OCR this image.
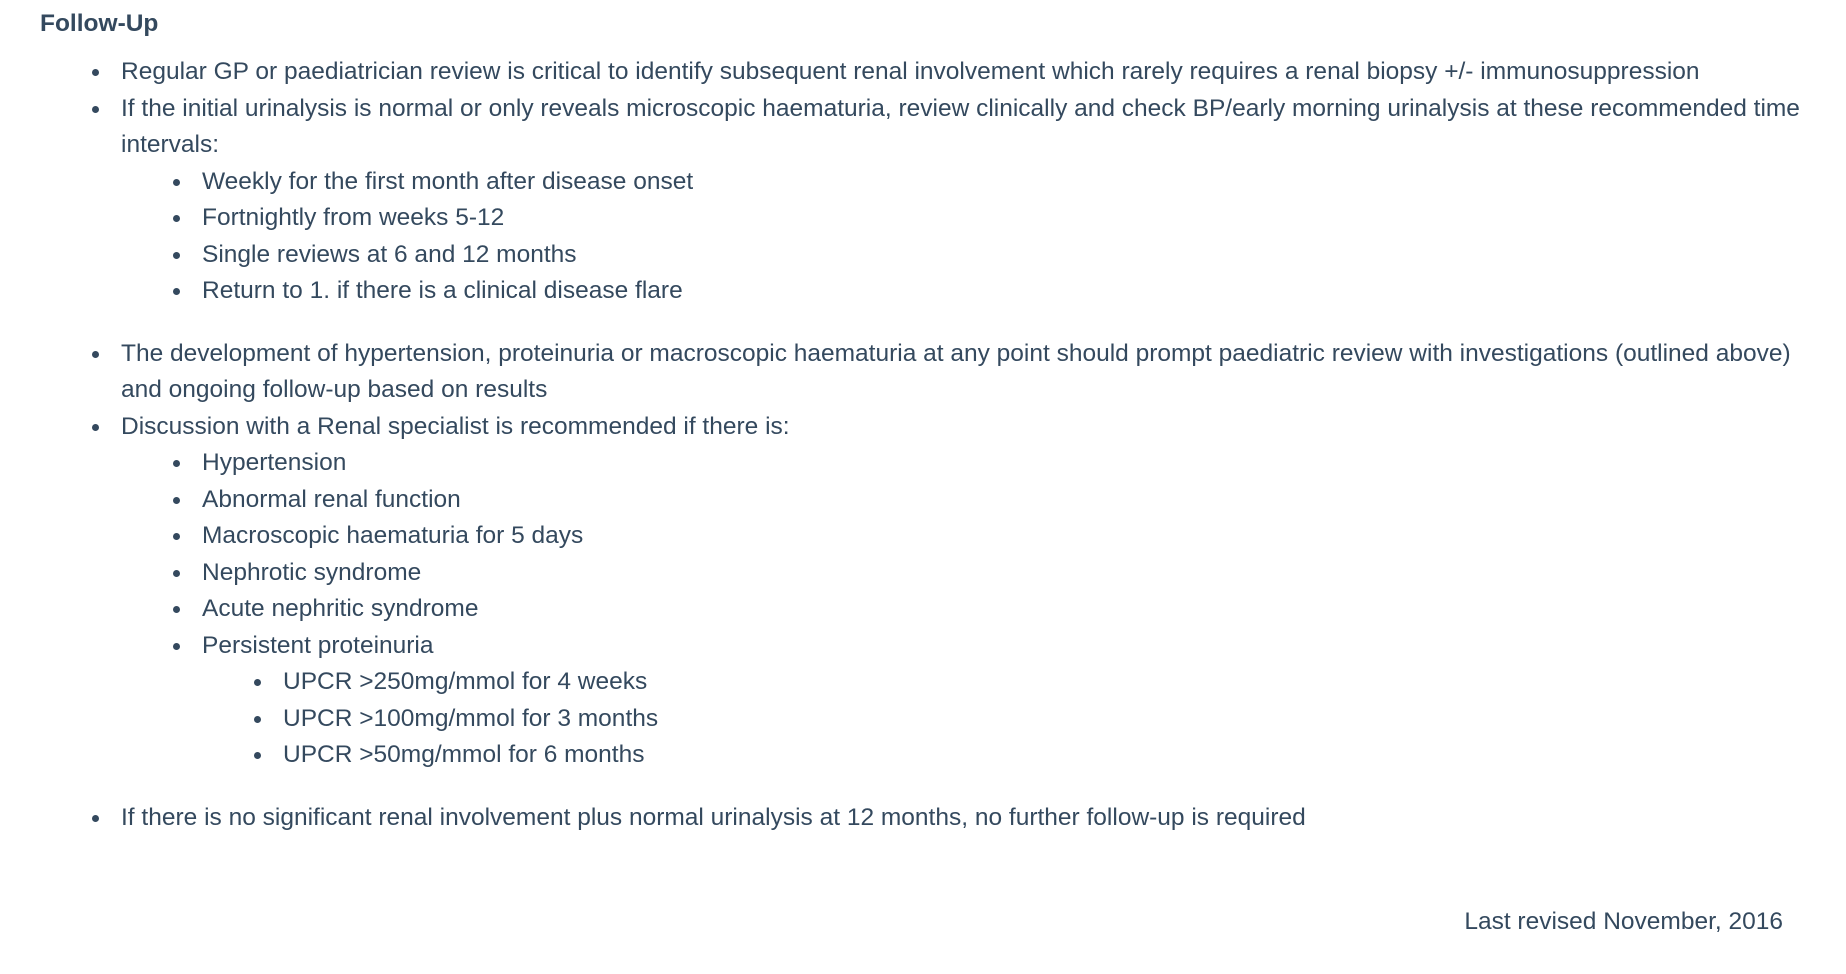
Follow-Up
Regular GP or paediatrician review is critical to identify subsequent renal involvement which rarely requires a renal biopsy +/- immunosuppression
If the initial urinalysis is normal or only reveals microscopic haematuria, review clinically and check BP/early morning urinalysis at these recommended time intervals:
Weekly for the first month after disease onset
Fortnightly from weeks 5-12
Single reviews at 6 and 12 months
Return to 1. if there is a clinical disease flare
The development of hypertension, proteinuria or macroscopic haematuria at any point should prompt paediatric review with investigations (outlined above) and ongoing follow-up based on results
Discussion with a Renal specialist is recommended if there is:
Hypertension
Abnormal renal function
Macroscopic haematuria for 5 days
Nephrotic syndrome
Acute nephritic syndrome
Persistent proteinuria
UPCR >250mg/mmol for 4 weeks
UPCR >100mg/mmol for 3 months
UPCR >50mg/mmol for 6 months
If there is no significant renal involvement plus normal urinalysis at 12 months, no further follow-up is required
Last revised November, 2016
